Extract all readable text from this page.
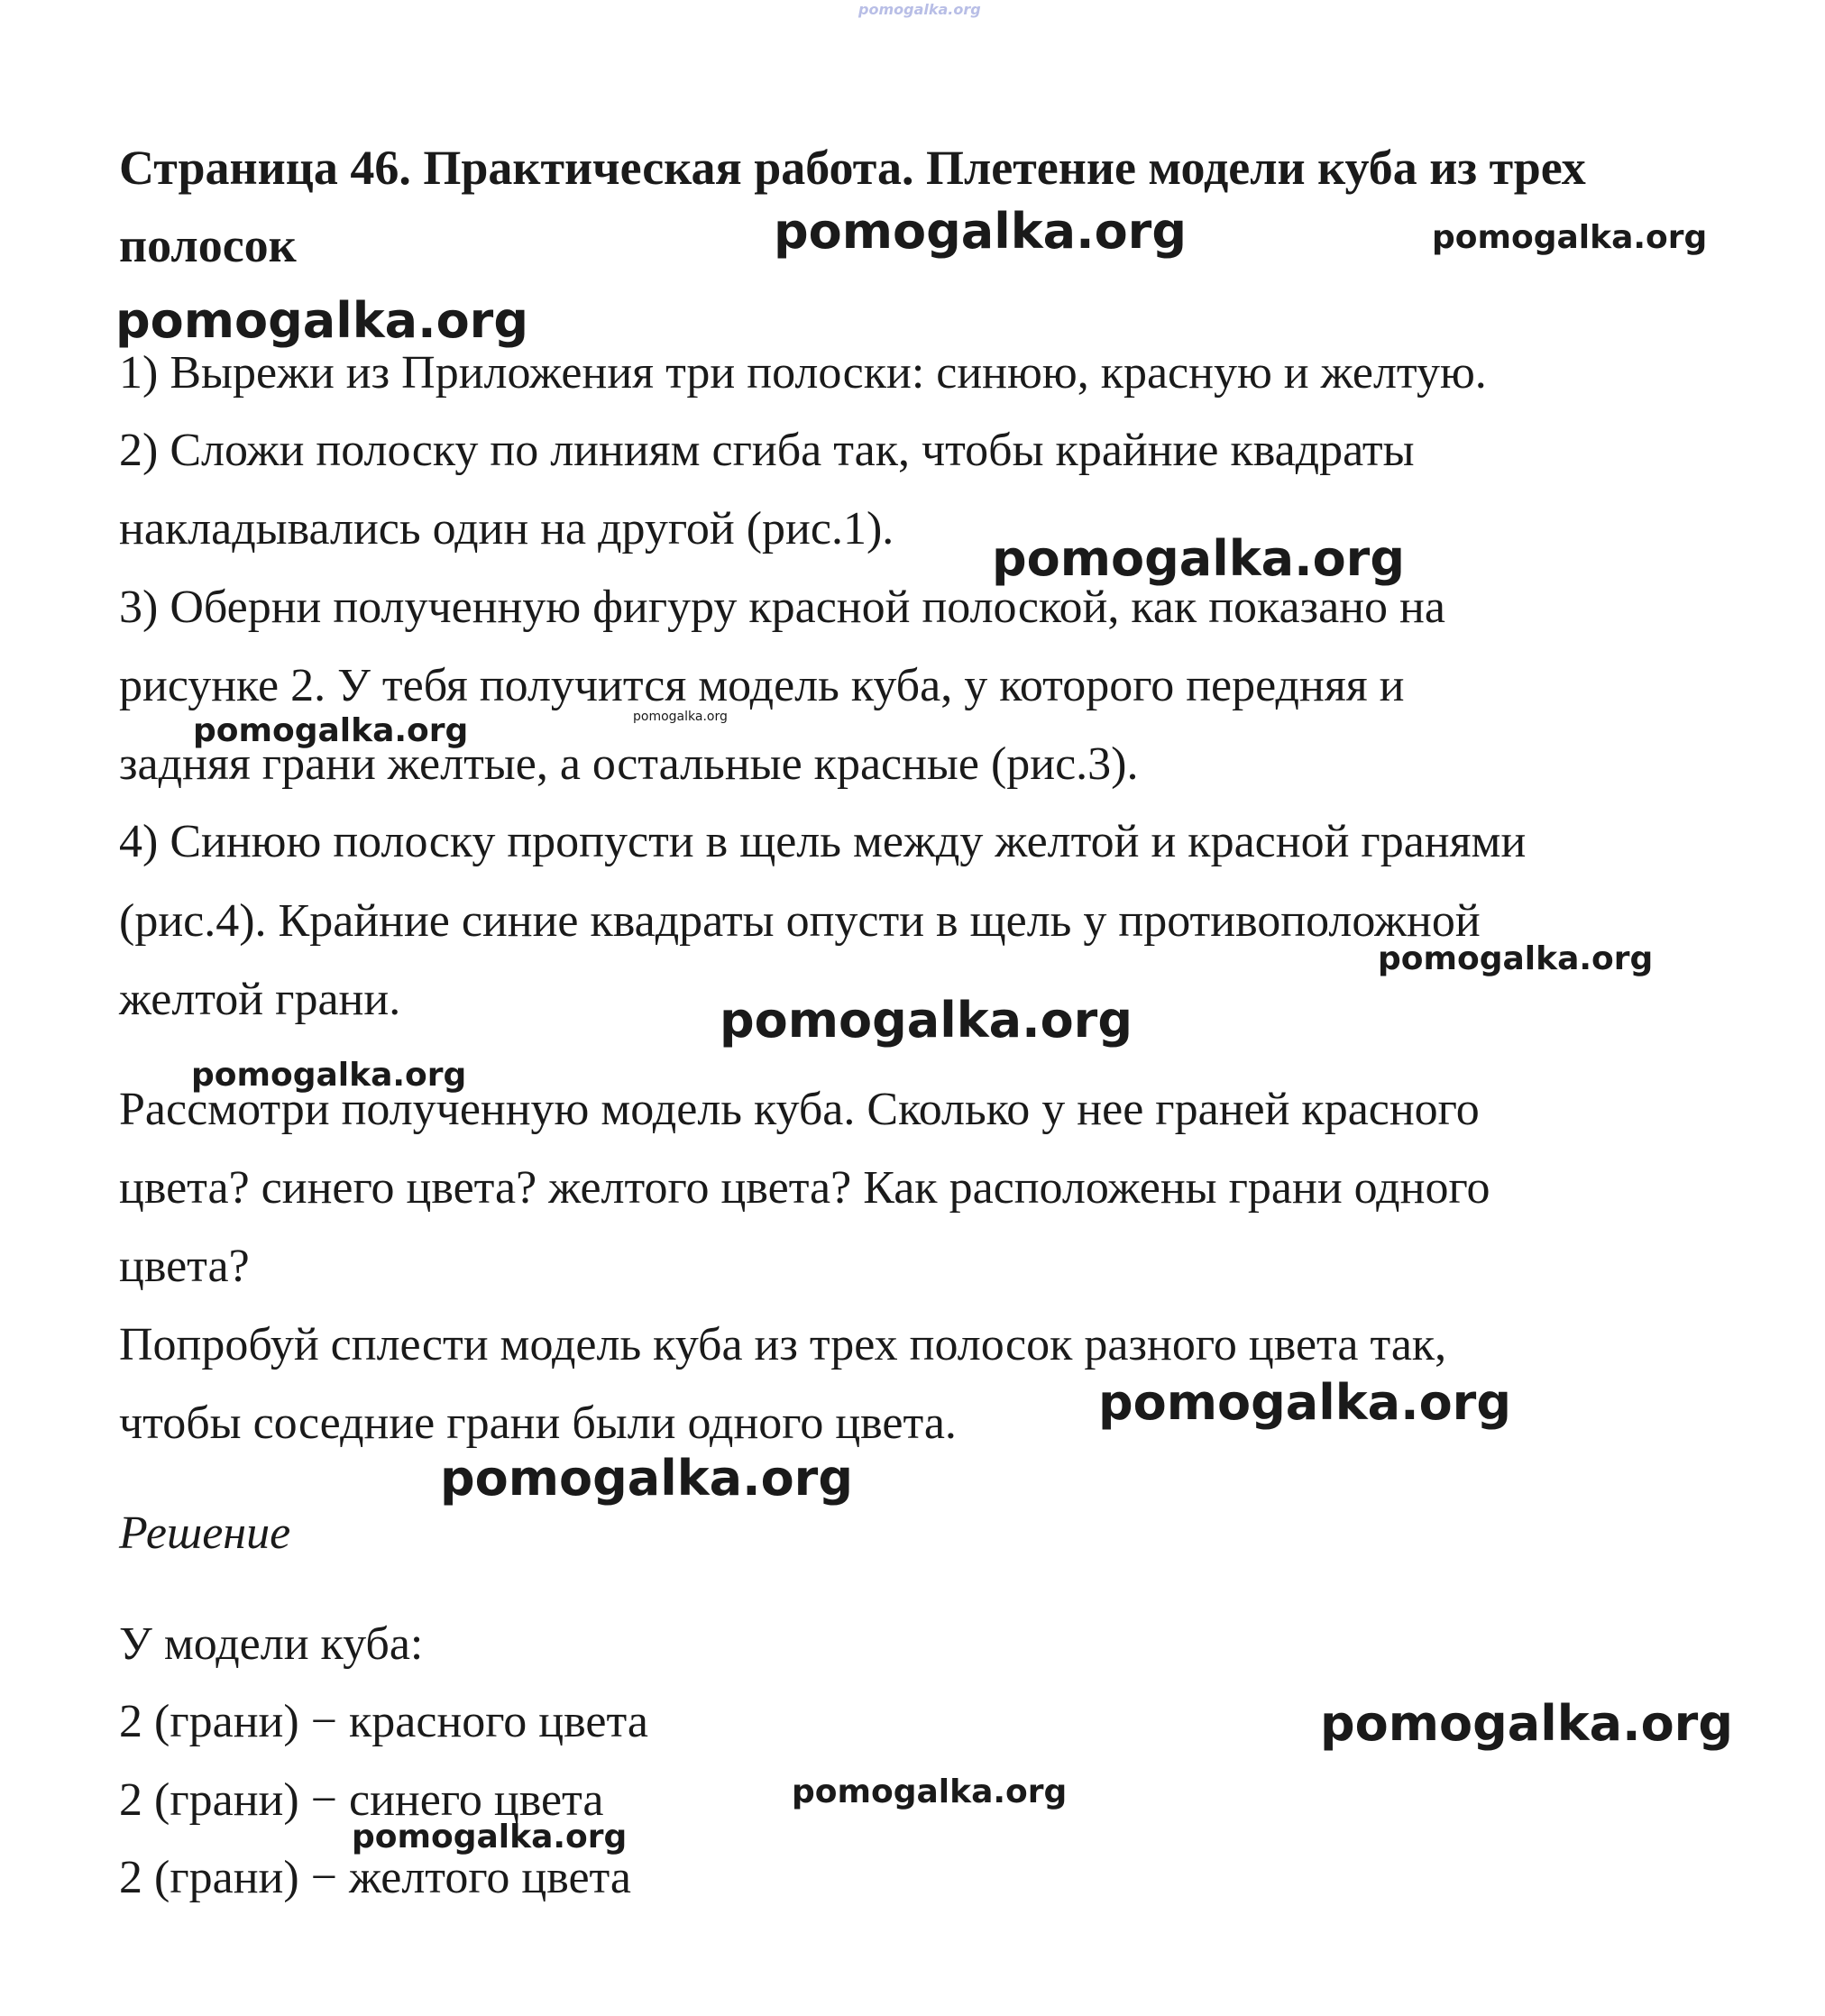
pomogalka.org
Страница 46. Практическая работа. Плетение модели куба из трех
полосок
1) Вырежи из Приложения три полоски: синюю, красную и желтую.
2) Сложи полоску по линиям сгиба так, чтобы крайние квадраты
накладывались один на другой (рис.1).
3) Оберни полученную фигуру красной полоской, как показано на
рисунке 2. У тебя получится модель куба, у которого передняя и
задняя грани желтые, а остальные красные (рис.3).
4) Синюю полоску пропусти в щель между желтой и красной гранями
(рис.4). Крайние синие квадраты опусти в щель у противоположной
желтой грани.
Рассмотри полученную модель куба. Сколько у нее граней красного
цвета? синего цвета? желтого цвета? Как расположены грани одного
цвета?
Попробуй сплести модель куба из трех полосок разного цвета так,
чтобы соседние грани были одного цвета.
Решение
У модели куба:
2 (грани) − красного цвета
2 (грани) − синего цвета
2 (грани) − желтого цвета
pomogalka.org	pomogalka.org
pomogalka.org
pomogalka.org
pomogalka.org
pomogalka.org
pomogalka.org
pomogalka.org
pomogalka.org
pomogalka.org
pomogalka.org
pomogalka.org
pomogalka.org
pomogalka.org
